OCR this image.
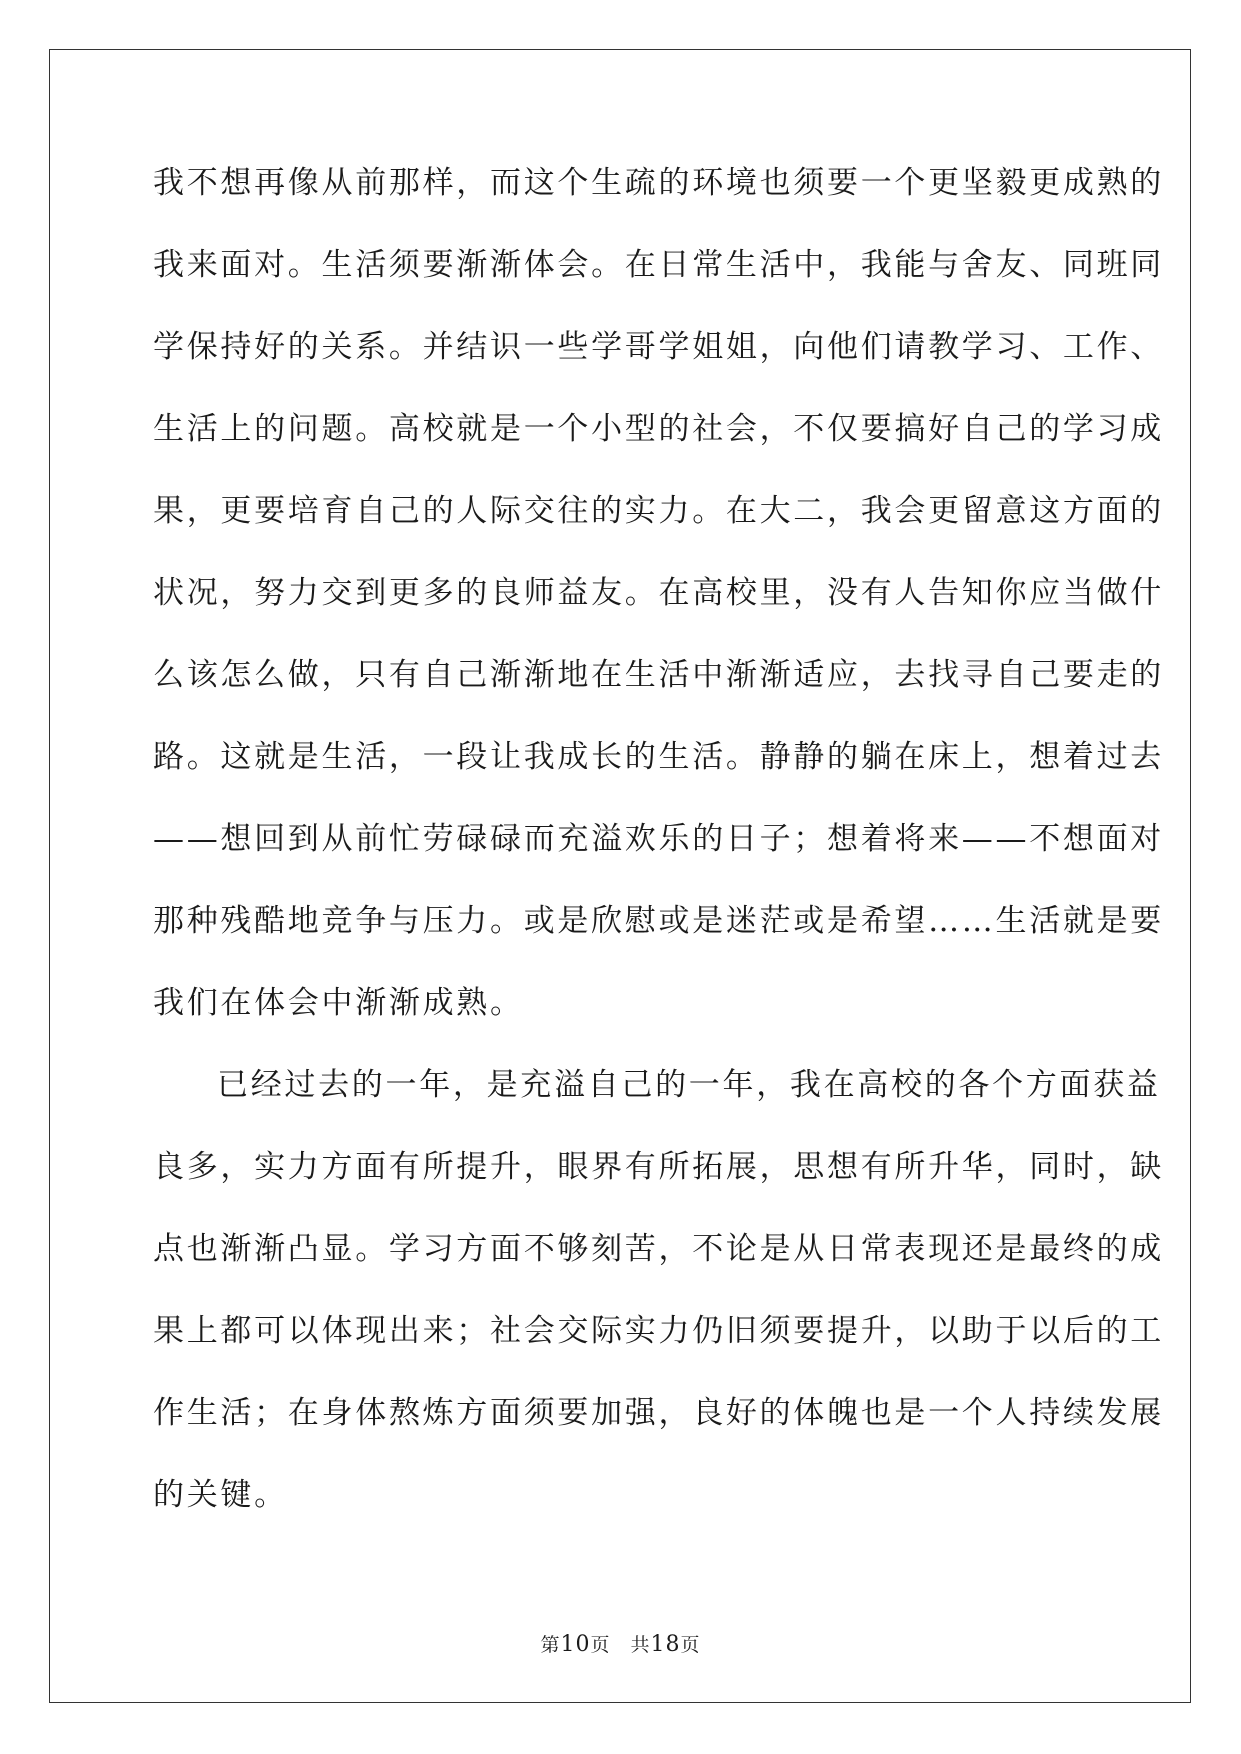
我不想再像从前那样，而这个生疏的环境也须要一个更坚毅更成熟的
我来面对。生活须要渐渐体会。在日常生活中，我能与舍友、同班同
学保持好的关系。并结识一些学哥学姐姐，向他们请教学习、工作、
生活上的问题。高校就是一个小型的社会，不仅要搞好自己的学习成
果，更要培育自己的人际交往的实力。在大二，我会更留意这方面的
状况，努力交到更多的良师益友。在高校里，没有人告知你应当做什
么该怎么做，只有自己渐渐地在生活中渐渐适应，去找寻自己要走的
路。这就是生活，一段让我成长的生活。静静的躺在床上，想着过去
——想回到从前忙劳碌碌而充溢欢乐的日子；想着将来——不想面对
那种残酷地竞争与压力。或是欣慰或是迷茫或是希望……生活就是要
我们在体会中渐渐成熟。
已经过去的一年，是充溢自己的一年，我在高校的各个方面获益
良多，实力方面有所提升，眼界有所拓展，思想有所升华，同时，缺
点也渐渐凸显。学习方面不够刻苦，不论是从日常表现还是最终的成
果上都可以体现出来；社会交际实力仍旧须要提升，以助于以后的工
作生活；在身体熬炼方面须要加强，良好的体魄也是一个人持续发展
的关键。
第10页 共18页
